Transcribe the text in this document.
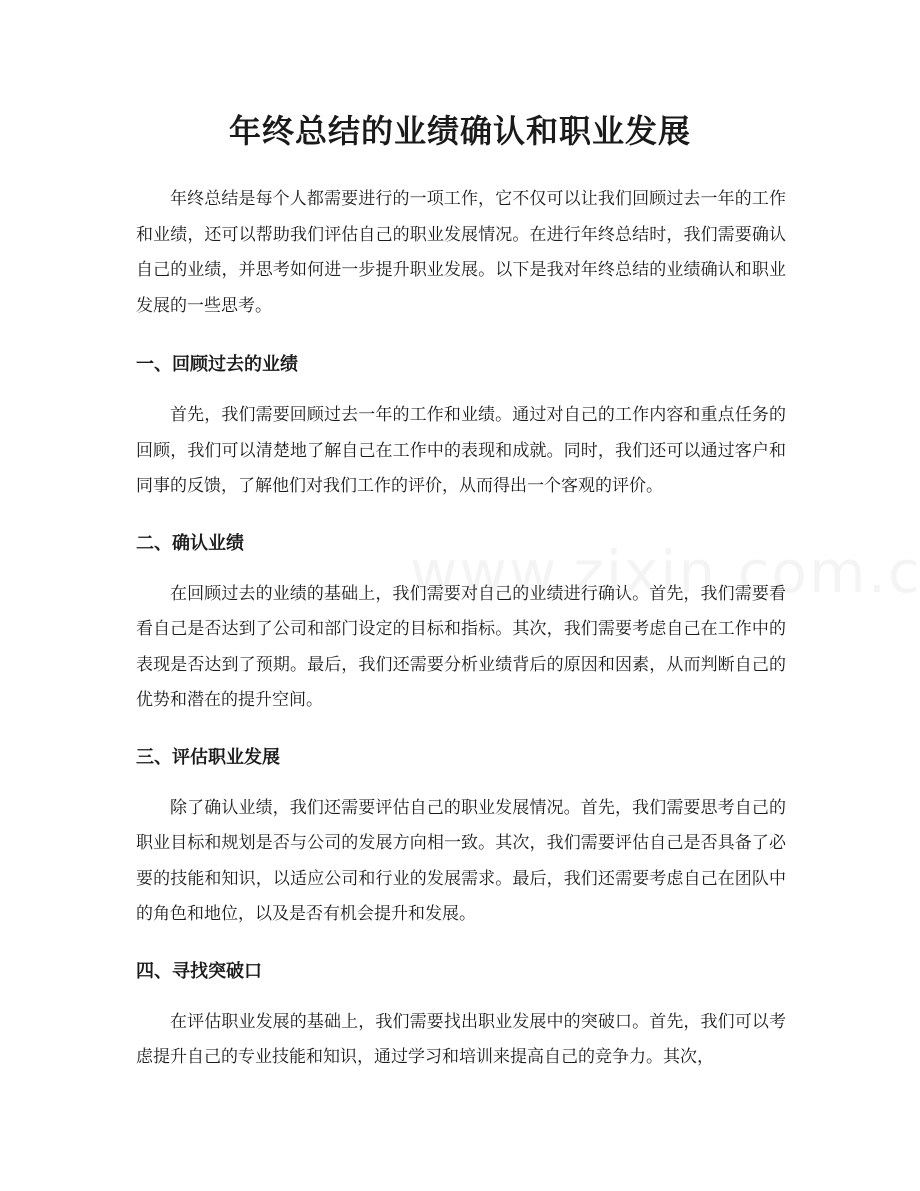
年终总结的业绩确认和职业发展

年终总结是每个人都需要进行的一项工作，它不仅可以让我们回顾过去一年的工作和业绩，还可以帮助我们评估自己的职业发展情况。在进行年终总结时，我们需要确认自己的业绩，并思考如何进一步提升职业发展。以下是我对年终总结的业绩确认和职业发展的一些思考。

一、回顾过去的业绩

首先，我们需要回顾过去一年的工作和业绩。通过对自己的工作内容和重点任务的回顾，我们可以清楚地了解自己在工作中的表现和成就。同时，我们还可以通过客户和同事的反馈，了解他们对我们工作的评价，从而得出一个客观的评价。

二、确认业绩

在回顾过去的业绩的基础上，我们需要对自己的业绩进行确认。首先，我们需要看看自己是否达到了公司和部门设定的目标和指标。其次，我们需要考虑自己在工作中的表现是否达到了预期。最后，我们还需要分析业绩背后的原因和因素，从而判断自己的优势和潜在的提升空间。

三、评估职业发展

除了确认业绩，我们还需要评估自己的职业发展情况。首先，我们需要思考自己的职业目标和规划是否与公司的发展方向相一致。其次，我们需要评估自己是否具备了必要的技能和知识，以适应公司和行业的发展需求。最后，我们还需要考虑自己在团队中的角色和地位，以及是否有机会提升和发展。

四、寻找突破口

在评估职业发展的基础上，我们需要找出职业发展中的突破口。首先，我们可以考虑提升自己的专业技能和知识，通过学习和培训来提高自己的竞争力。其次，
